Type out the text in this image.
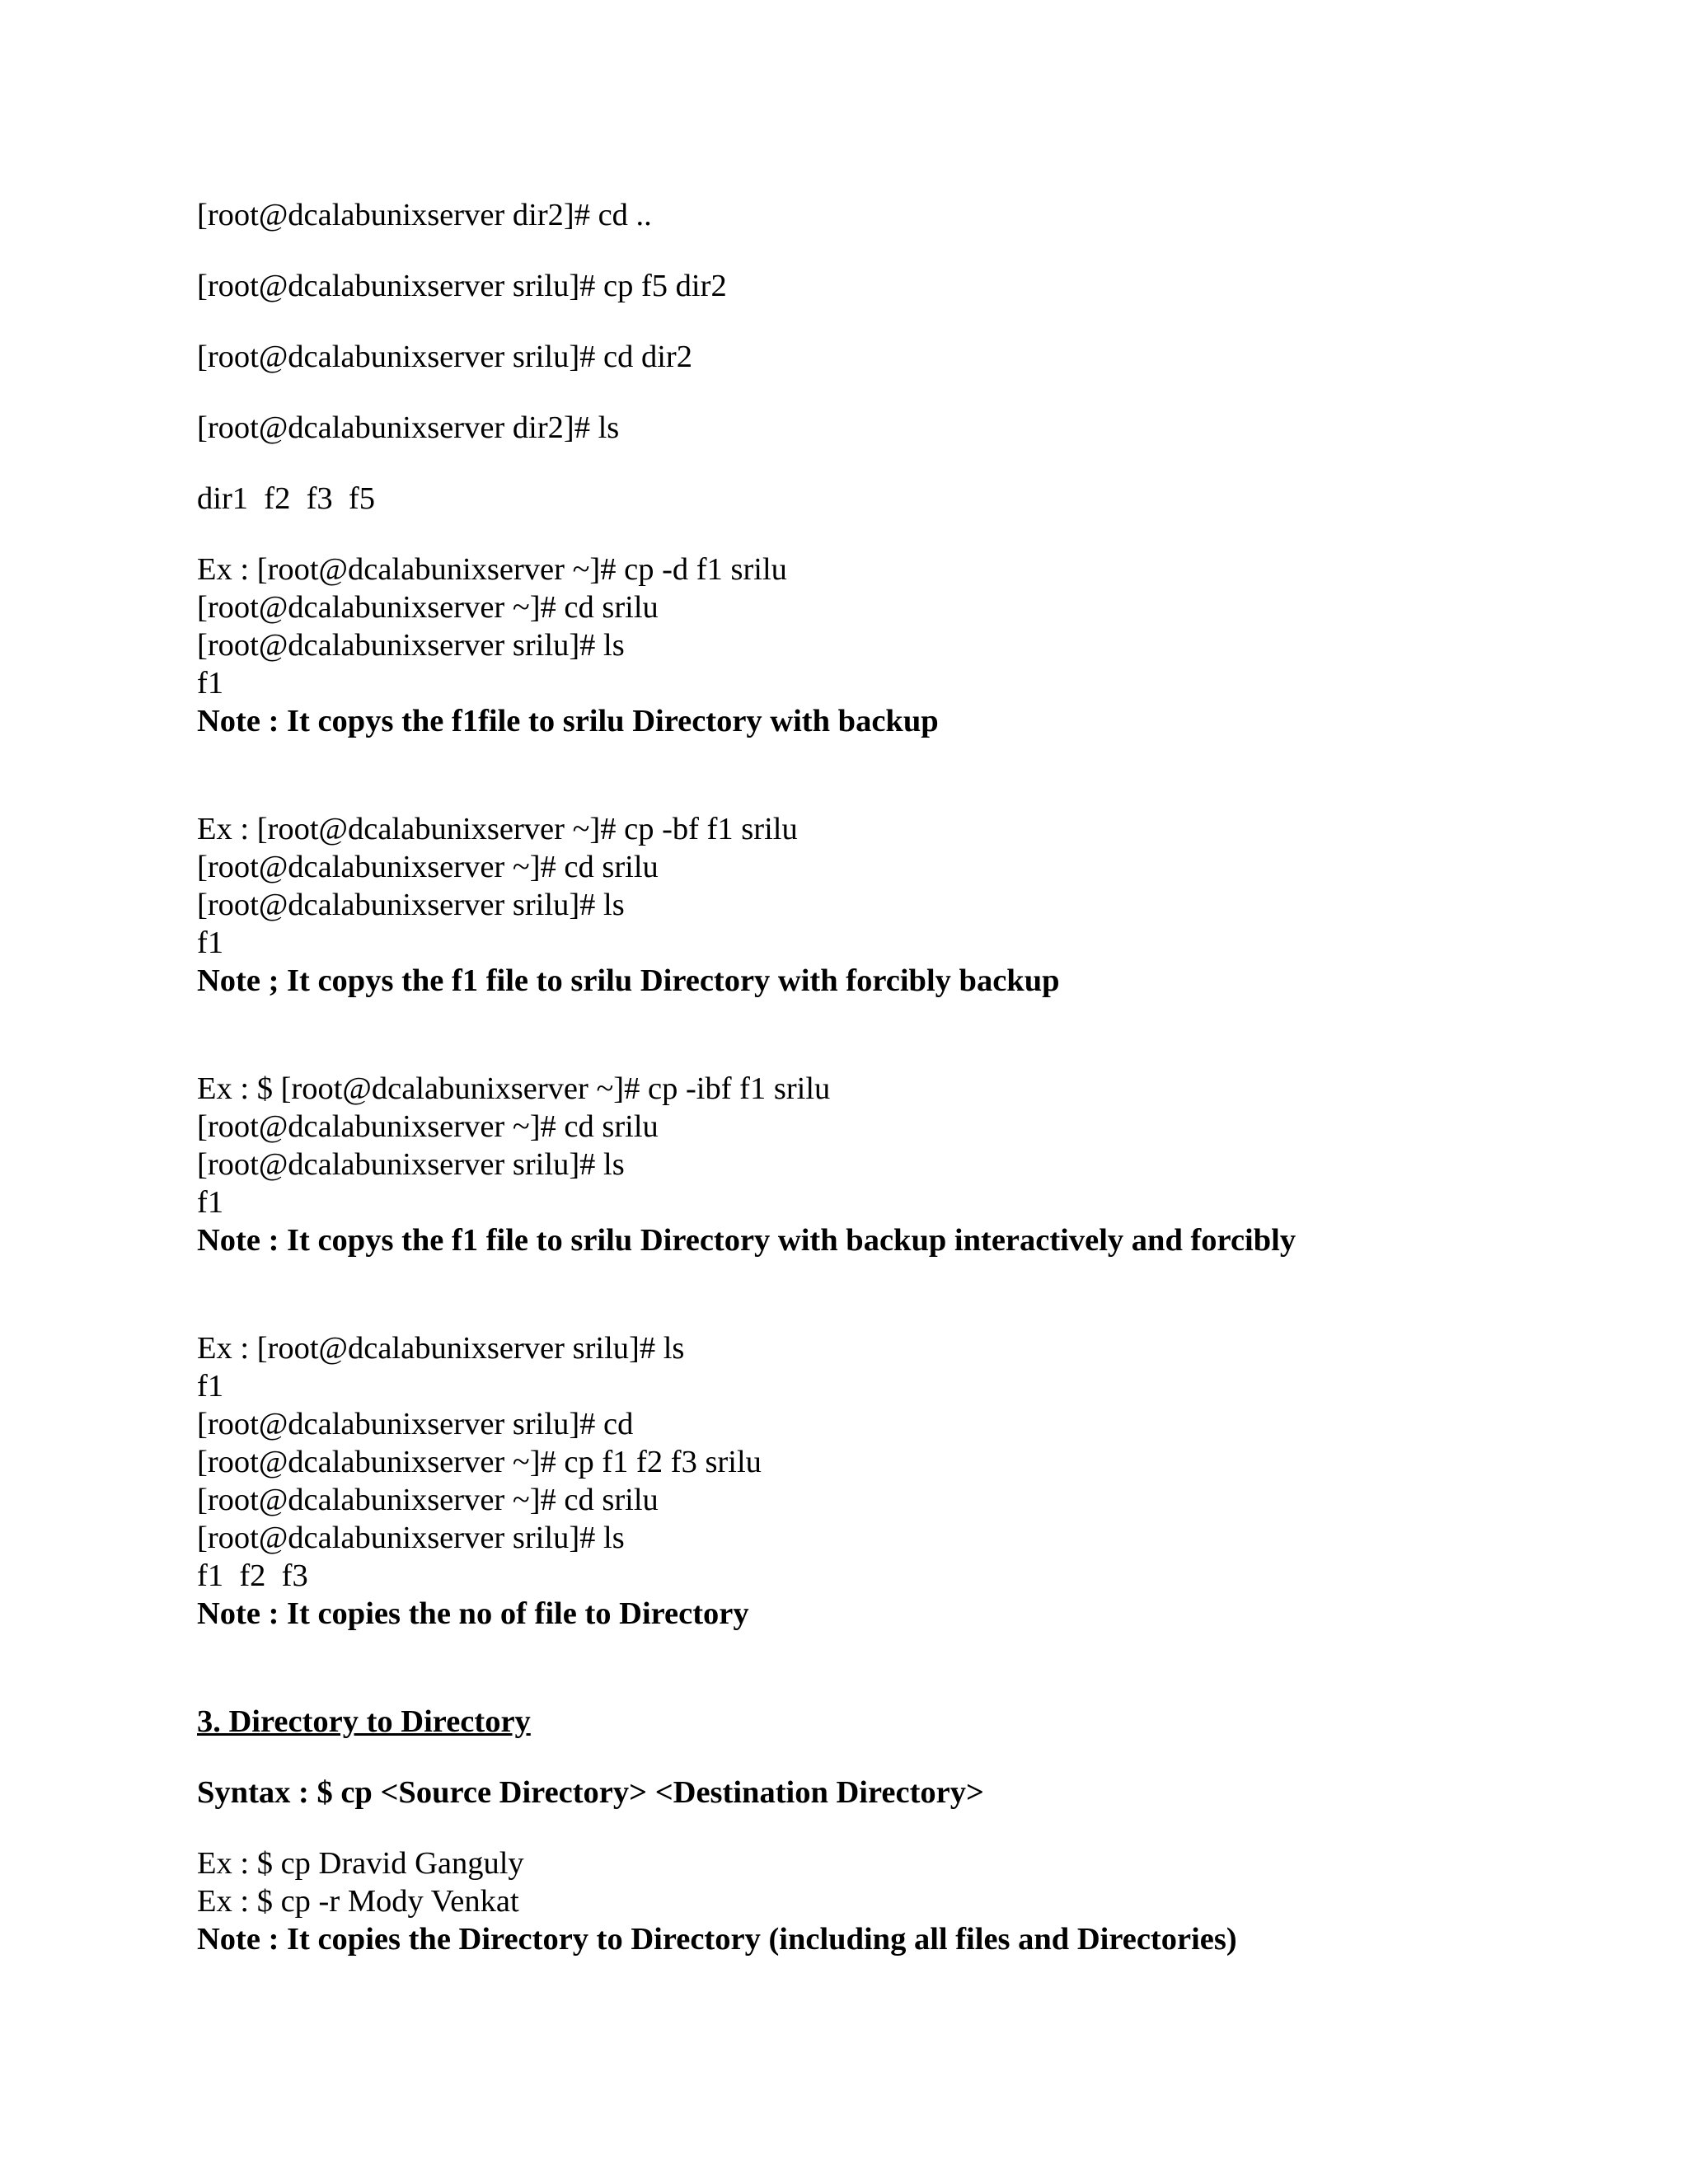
[root@dcalabunixserver dir2]# cd ..
[root@dcalabunixserver srilu]# cp f5 dir2
[root@dcalabunixserver srilu]# cd dir2
[root@dcalabunixserver dir2]# ls
dir1  f2  f3  f5
Ex : [root@dcalabunixserver ~]# cp -d f1 srilu
[root@dcalabunixserver ~]# cd srilu
[root@dcalabunixserver srilu]# ls
f1
Note : It copys the f1file to srilu Directory with backup
Ex : [root@dcalabunixserver ~]# cp -bf f1 srilu
[root@dcalabunixserver ~]# cd srilu
[root@dcalabunixserver srilu]# ls
f1
Note ; It copys the f1 file to srilu Directory with forcibly backup
Ex : $ [root@dcalabunixserver ~]# cp -ibf f1 srilu
[root@dcalabunixserver ~]# cd srilu
[root@dcalabunixserver srilu]# ls
f1
Note : It copys the f1 file to srilu Directory with backup interactively and forcibly
Ex : [root@dcalabunixserver srilu]# ls
f1
[root@dcalabunixserver srilu]# cd
[root@dcalabunixserver ~]# cp f1 f2 f3 srilu
[root@dcalabunixserver ~]# cd srilu
[root@dcalabunixserver srilu]# ls
f1  f2  f3
Note : It copies the no of file to Directory
3. Directory to Directory
Syntax : $ cp <Source Directory> <Destination Directory>
Ex : $ cp Dravid Ganguly
Ex : $ cp -r Mody Venkat
Note : It copies the Directory to Directory (including all files and Directories)
